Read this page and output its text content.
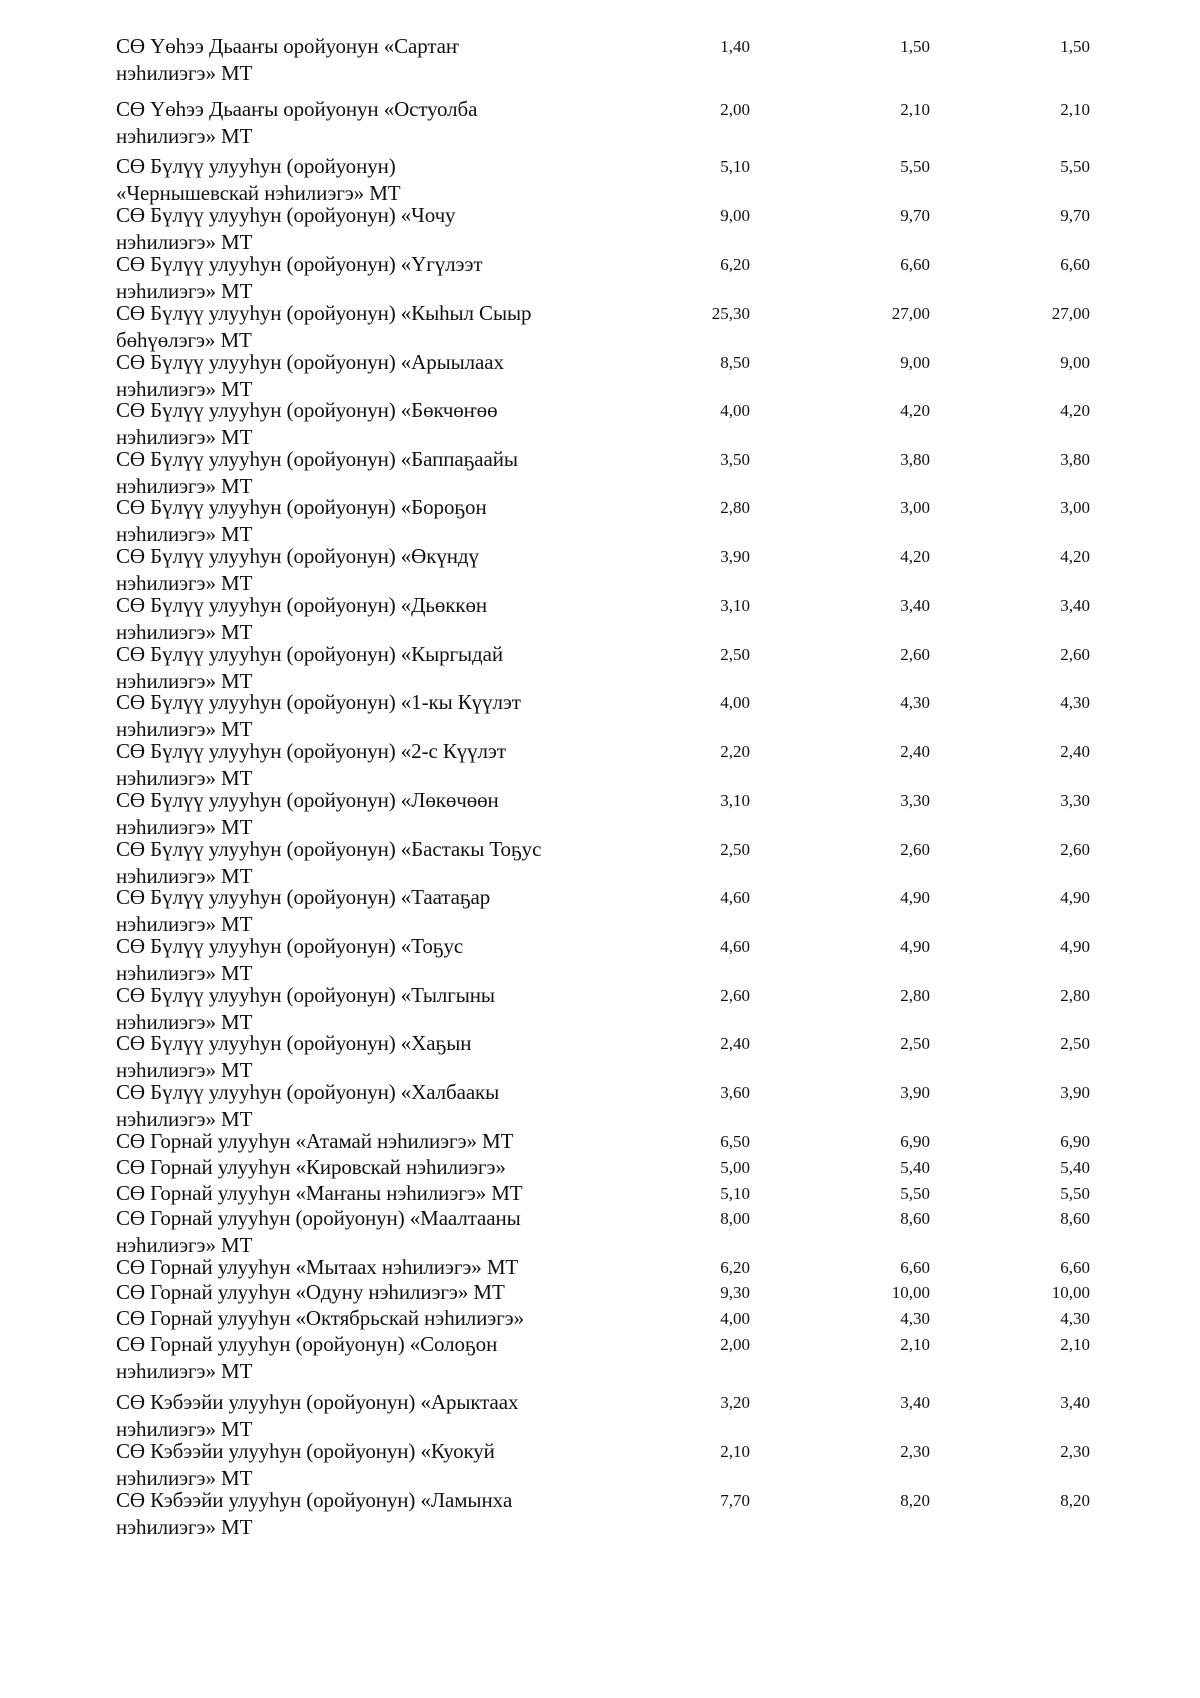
СӨ Үөһээ Дьааҥы оройуонун «Сартаҥ
нэһилиэгэ» МТ
1,40	1,50	1,50
СӨ Үөһээ Дьааҥы оройуонун «Остуолба
нэһилиэгэ» МТ
2,00	2,10	2,10
СӨ Бүлүү улууһун (оройуонун)
«Чернышевскай нэһилиэгэ» МТ
5,10	5,50	5,50
СӨ Бүлүү улууһун (оройуонун) «Чочу
нэһилиэгэ» МТ
9,00	9,70	9,70
СӨ Бүлүү улууһун (оройуонун) «Үгүлээт
нэһилиэгэ» МТ
6,20	6,60	6,60
СӨ Бүлүү улууһун (оройуонун) «Кыһыл Сыыр
бөһүөлэгэ» МТ
25,30	27,00	27,00
СӨ Бүлүү улууһун (оройуонун) «Арыылаах
нэһилиэгэ» МТ
8,50	9,00	9,00
СӨ Бүлүү улууһун (оройуонун) «Бөкчөҥөө
нэһилиэгэ» МТ
4,00	4,20	4,20
СӨ Бүлүү улууһун (оройуонун) «Баппаҕаайы
нэһилиэгэ» МТ
3,50	3,80	3,80
СӨ Бүлүү улууһун (оройуонун) «Бороҕон
нэһилиэгэ» МТ
2,80	3,00	3,00
СӨ Бүлүү улууһун (оройуонун) «Өкүндү
нэһилиэгэ» МТ
3,90	4,20	4,20
СӨ Бүлүү улууһун (оройуонун) «Дьөккөн
нэһилиэгэ» МТ
3,10	3,40	3,40
СӨ Бүлүү улууһун (оройуонун) «Кыргыдай
нэһилиэгэ» МТ
2,50	2,60	2,60
СӨ Бүлүү улууһун (оройуонун) «1-кы Күүлэт
нэһилиэгэ» МТ
4,00	4,30	4,30
СӨ Бүлүү улууһун (оройуонун) «2-с Күүлэт
нэһилиэгэ» МТ
2,20	2,40	2,40
СӨ Бүлүү улууһун (оройуонун) «Лөкөчөөн
нэһилиэгэ» МТ
3,10	3,30	3,30
СӨ Бүлүү улууһун (оройуонун) «Бастакы Тоҕус
нэһилиэгэ» МТ
2,50	2,60	2,60
СӨ Бүлүү улууһун (оройуонун) «Таатаҕар
нэһилиэгэ» МТ
4,60	4,90	4,90
СӨ Бүлүү улууһун (оройуонун) «Тоҕус
нэһилиэгэ» МТ
4,60	4,90	4,90
СӨ Бүлүү улууһун (оройуонун) «Тылгыны
нэһилиэгэ» МТ
2,60	2,80	2,80
СӨ Бүлүү улууһун (оройуонун) «Хаҕын
нэһилиэгэ» МТ
2,40	2,50	2,50
СӨ Бүлүү улууһун (оройуонун) «Халбаакы
нэһилиэгэ» МТ
3,60	3,90	3,90
СӨ Горнай улууһун «Атамай нэһилиэгэ» МТ	6,50	6,90	6,90
СӨ Горнай улууһун «Кировскай нэһилиэгэ»	5,00	5,40	5,40
СӨ Горнай улууһун «Маҥаны нэһилиэгэ» МТ	5,10	5,50	5,50
СӨ Горнай улууһун (оройуонун) «Маалтааны
нэһилиэгэ» МТ
8,00	8,60	8,60
СӨ Горнай улууһун «Мытаах нэһилиэгэ» МТ	6,20	6,60	6,60
СӨ Горнай улууһун «Одуну нэһилиэгэ» МТ	9,30	10,00	10,00
СӨ Горнай улууһун «Октябрьскай нэһилиэгэ»	4,00	4,30	4,30
СӨ Горнай улууһун (оройуонун) «Солоҕон
нэһилиэгэ» МТ
2,00	2,10	2,10
СӨ Кэбээйи улууһун (оройуонун) «Арыктаах
нэһилиэгэ» МТ
3,20	3,40	3,40
СӨ Кэбээйи улууһун (оройуонун) «Куокуй
нэһилиэгэ» МТ
2,10	2,30	2,30
СӨ Кэбээйи улууһун (оройуонун) «Ламынхa
нэһилиэгэ» МТ
7,70	8,20	8,20
